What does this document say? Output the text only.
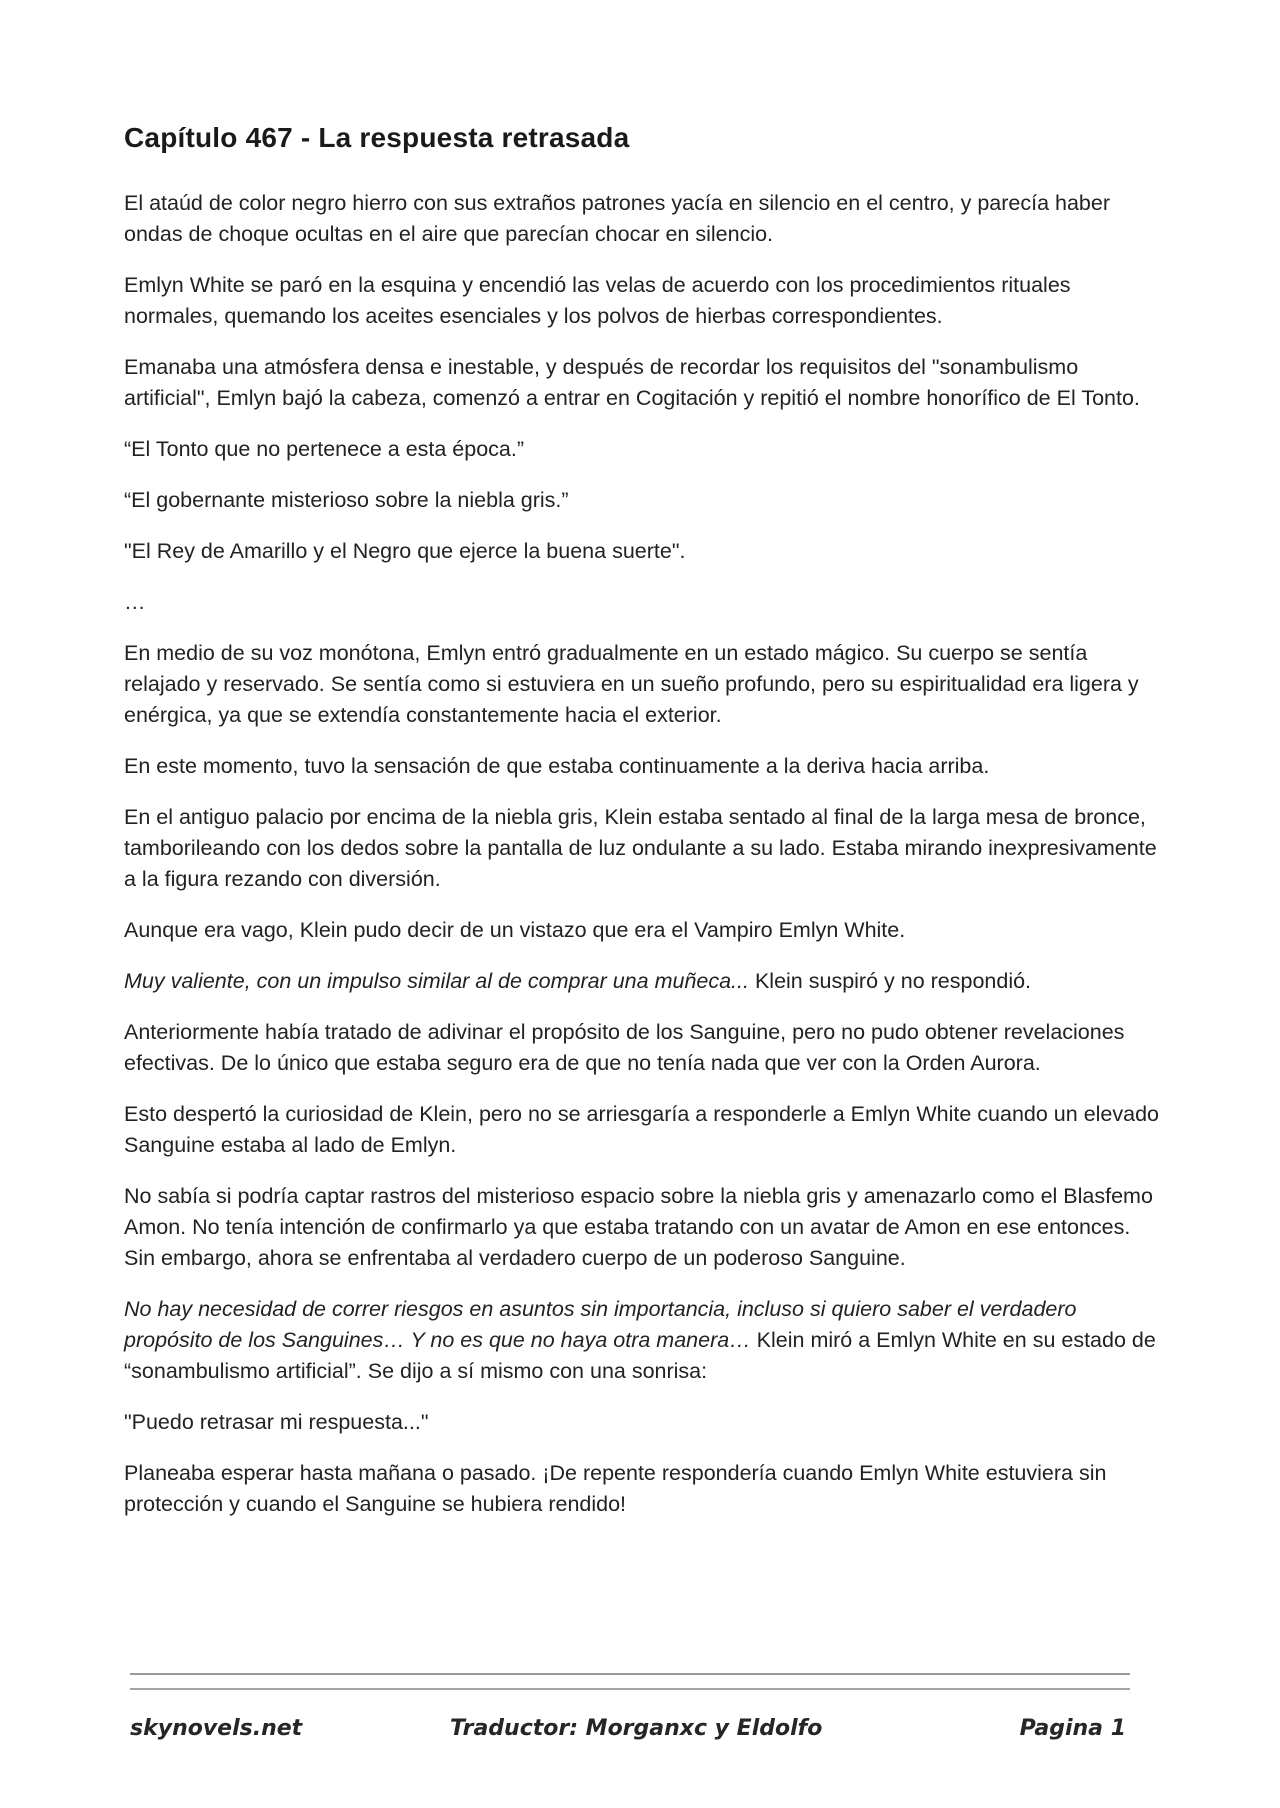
Capítulo 467 - La respuesta retrasada

El ataúd de color negro hierro con sus extraños patrones yacía en silencio en el centro, y parecía haber ondas de choque ocultas en el aire que parecían chocar en silencio.

Emlyn White se paró en la esquina y encendió las velas de acuerdo con los procedimientos rituales normales, quemando los aceites esenciales y los polvos de hierbas correspondientes.

Emanaba una atmósfera densa e inestable, y después de recordar los requisitos del "sonambulismo artificial", Emlyn bajó la cabeza, comenzó a entrar en Cogitación y repitió el nombre honorífico de El Tonto.

“El Tonto que no pertenece a esta época.”

“El gobernante misterioso sobre la niebla gris.”

"El Rey de Amarillo y el Negro que ejerce la buena suerte".

…

En medio de su voz monótona, Emlyn entró gradualmente en un estado mágico. Su cuerpo se sentía relajado y reservado. Se sentía como si estuviera en un sueño profundo, pero su espiritualidad era ligera y enérgica, ya que se extendía constantemente hacia el exterior.

En este momento, tuvo la sensación de que estaba continuamente a la deriva hacia arriba.

En el antiguo palacio por encima de la niebla gris, Klein estaba sentado al final de la larga mesa de bronce, tamborileando con los dedos sobre la pantalla de luz ondulante a su lado. Estaba mirando inexpresivamente a la figura rezando con diversión.

Aunque era vago, Klein pudo decir de un vistazo que era el Vampiro Emlyn White.

Muy valiente, con un impulso similar al de comprar una muñeca... Klein suspiró y no respondió.

Anteriormente había tratado de adivinar el propósito de los Sanguine, pero no pudo obtener revelaciones efectivas. De lo único que estaba seguro era de que no tenía nada que ver con la Orden Aurora.

Esto despertó la curiosidad de Klein, pero no se arriesgaría a responderle a Emlyn White cuando un elevado Sanguine estaba al lado de Emlyn.

No sabía si podría captar rastros del misterioso espacio sobre la niebla gris y amenazarlo como el Blasfemo Amon. No tenía intención de confirmarlo ya que estaba tratando con un avatar de Amon en ese entonces. Sin embargo, ahora se enfrentaba al verdadero cuerpo de un poderoso Sanguine.

No hay necesidad de correr riesgos en asuntos sin importancia, incluso si quiero saber el verdadero propósito de los Sanguines… Y no es que no haya otra manera… Klein miró a Emlyn White en su estado de “sonambulismo artificial”. Se dijo a sí mismo con una sonrisa:

"Puedo retrasar mi respuesta..."

Planeaba esperar hasta mañana o pasado. ¡De repente respondería cuando Emlyn White estuviera sin protección y cuando el Sanguine se hubiera rendido!

skynovels.net	Traductor: Morganxc y Eldolfo	Pagina 1
